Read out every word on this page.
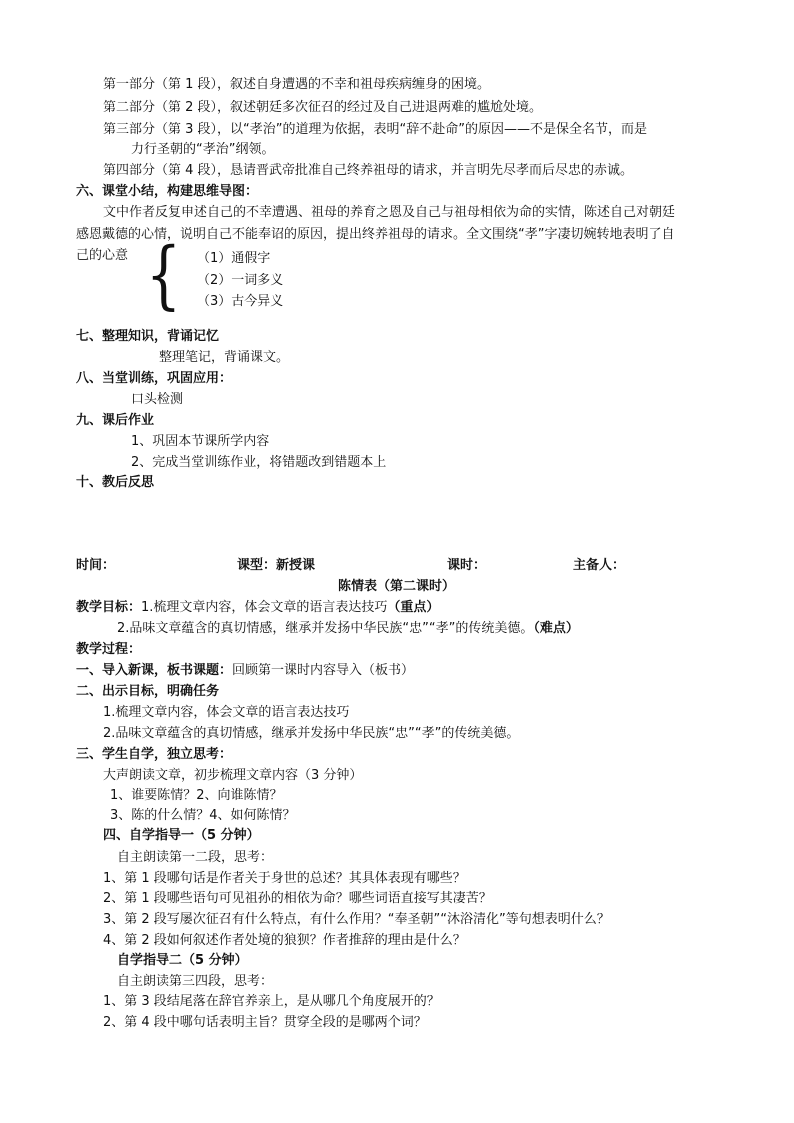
第一部分（第 1 段），叙述自身遭遇的不幸和祖母疾病缠身的困境。
第二部分（第 2 段），叙述朝廷多次征召的经过及自己进退两难的尴尬处境。
第三部分（第 3 段），以“孝治”的道理为依据，表明“辞不赴命”的原因——不是保全名节，而是
力行圣朝的“孝治”纲领。
第四部分（第 4 段），恳请晋武帝批准自己终养祖母的请求，并言明先尽孝而后尽忠的赤诚。
六、课堂小结，构建思维导图：
文中作者反复申述自己的不幸遭遇、祖母的养育之恩及自己与祖母相依为命的实情，陈述自己对朝廷
感恩戴德的心情，说明自己不能奉诏的原因，提出终养祖母的请求。全文围绕“孝”字凄切婉转地表明了自
己的心意 { （1）通假字
（2）一词多义
（3）古今异义
七、整理知识，背诵记忆
整理笔记，背诵课文。
八、当堂训练，巩固应用：
口头检测
九、课后作业
1、巩固本节课所学内容
2、完成当堂训练作业，将错题改到错题本上
十、教后反思
时间：	课型：新授课	课时：	主备人：
陈情表（第二课时）
教学目标：1.梳理文章内容，体会文章的语言表达技巧（重点）
2.品味文章蕴含的真切情感，继承并发扬中华民族“忠”“孝”的传统美德。（难点）
教学过程：
一、导入新课，板书课题：回顾第一课时内容导入（板书）
二、出示目标，明确任务
1.梳理文章内容，体会文章的语言表达技巧
2.品味文章蕴含的真切情感，继承并发扬中华民族“忠”“孝”的传统美德。
三、学生自学，独立思考：
大声朗读文章，初步梳理文章内容（3 分钟）
1、谁要陈情？2、向谁陈情？
3、陈的什么情？4、如何陈情？
四、自学指导一（5 分钟）
自主朗读第一二段，思考：
1、第 1 段哪句话是作者关于身世的总述？其具体表现有哪些？
2、第 1 段哪些语句可见祖孙的相依为命？哪些词语直接写其凄苦？
3、第 2 段写屡次征召有什么特点，有什么作用？“奉圣朝”“沐浴清化”等句想表明什么？
4、第 2 段如何叙述作者处境的狼狈？作者推辞的理由是什么？
自学指导二（5 分钟）
自主朗读第三四段，思考：
1、第 3 段结尾落在辞官养亲上，是从哪几个角度展开的？
2、第 4 段中哪句话表明主旨？贯穿全段的是哪两个词？
